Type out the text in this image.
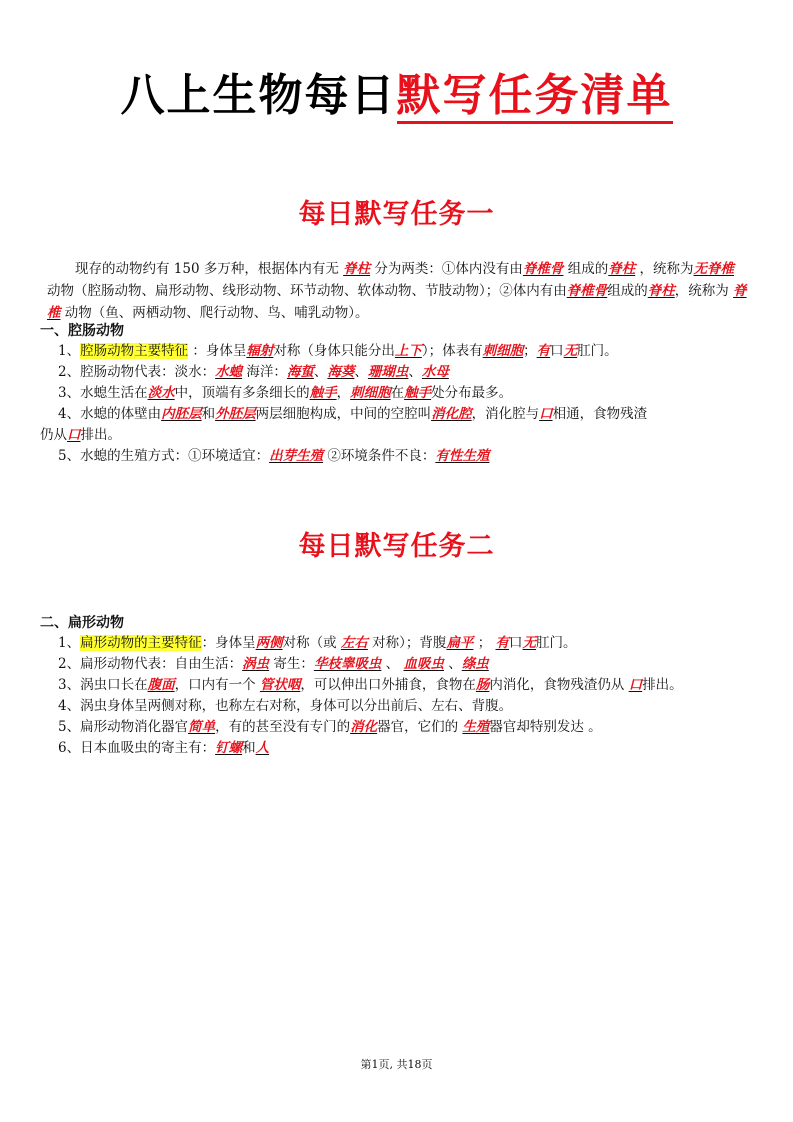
八上生物每日默写任务清单
每日默写任务一
现存的动物约有 150 多万种，根据体内有无 脊柱 分为两类：①体内没有由脊椎骨 组成的脊柱 ，统称为无脊椎动物（腔肠动物、扁形动物、线形动物、环节动物、软体动物、节肢动物）；②体内有由脊椎骨组成的脊柱，统称为 脊椎 动物（鱼、两栖动物、爬行动物、鸟、哺乳动物）。
一、腔肠动物
1、腔肠动物主要特征 ：身体呈辐射对称（身体只能分出上下）；体表有刺细胞；有口无肛门。
2、腔肠动物代表：淡水：水螅 海洋：海蜇、海葵、珊瑚虫、水母
3、水螅生活在淡水中，顶端有多条细长的触手，刺细胞在触手处分布最多。
4、水螅的体壁由内胚层和外胚层两层细胞构成，中间的空腔叫消化腔，消化腔与口相通，食物残渣
仍从口排出。
5、水螅的生殖方式：①环境适宜：出芽生殖 ②环境条件不良：有性生殖
每日默写任务二
二、扁形动物
1、扁形动物的主要特征：身体呈两侧对称（或 左右 对称）；背腹扁平 ； 有口无肛门。
2、扁形动物代表：自由生活：涡虫 寄生：华枝睾吸虫 、 血吸虫 、绦虫
3、涡虫口长在腹面，口内有一个 管状咽，可以伸出口外捕食，食物在肠内消化，食物残渣仍从 口排出。
4、涡虫身体呈两侧对称，也称左右对称，身体可以分出前后、左右、背腹。
5、扁形动物消化器官简单，有的甚至没有专门的消化器官，它们的 生殖器官却特别发达 。
6、日本血吸虫的寄主有：钉螺和人
第1页, 共18页
